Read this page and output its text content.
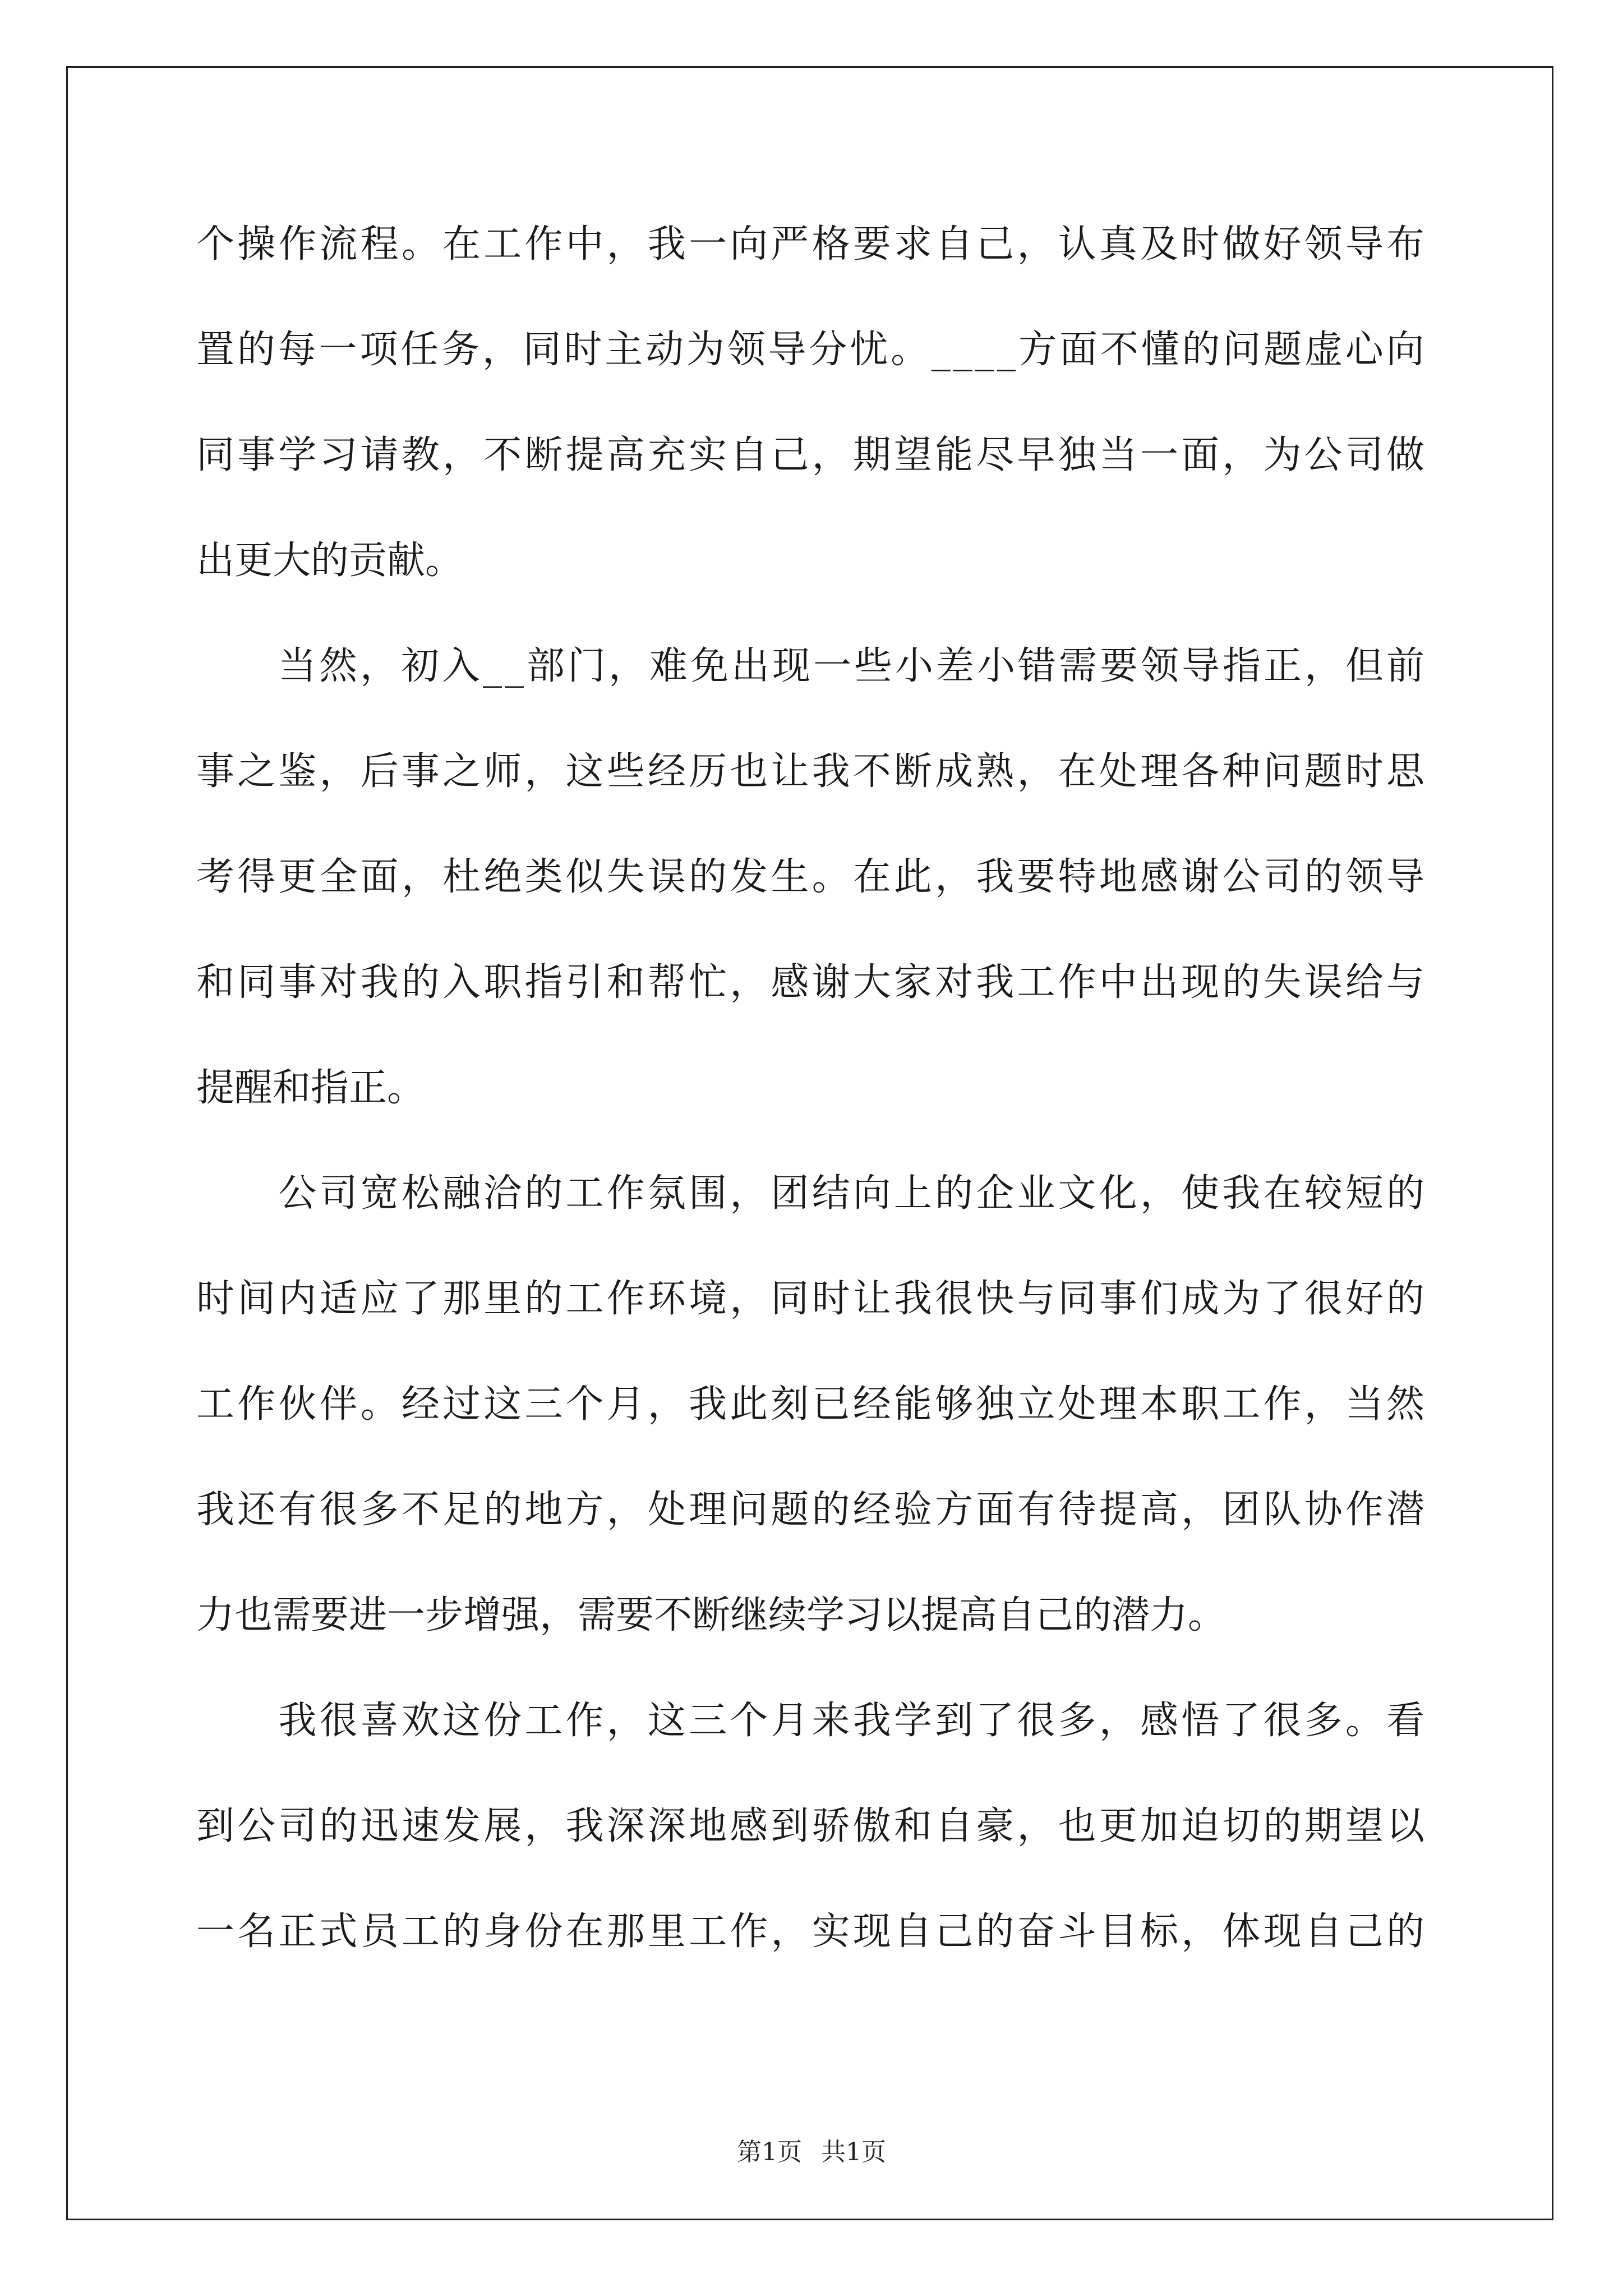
个 操 作 流 程 。 在 工 作 中 ， 我 一 向 严 格 要 求 自 己 ， 认 真 及 时 做 好 领 导 布
置 的 每 一 项 任 务 ， 同 时 主 动 为 领 导 分 忧 。 _ _ _ _ 方 面 不 懂 的 问 题 虚 心 向
同 事 学 习 请 教 ， 不 断 提 高 充 实 自 己 ， 期 望 能 尽 早 独 当 一 面 ， 为 公 司 做
出更大的贡献。

当 然 ， 初 入 _ _ 部 门 ， 难 免 出 现 一 些 小 差 小 错 需 要 领 导 指 正 ， 但 前
事 之 鉴 ， 后 事 之 师 ， 这 些 经 历 也 让 我 不 断 成 熟 ， 在 处 理 各 种 问 题 时 思
考 得 更 全 面 ， 杜 绝 类 似 失 误 的 发 生 。 在 此 ， 我 要 特 地 感 谢 公 司 的 领 导
和 同 事 对 我 的 入 职 指 引 和 帮 忙 ， 感 谢 大 家 对 我 工 作 中 出 现 的 失 误 给 与
提醒和指正。

公 司 宽 松 融 洽 的 工 作 氛 围 ， 团 结 向 上 的 企 业 文 化 ， 使 我 在 较 短 的
时 间 内 适 应 了 那 里 的 工 作 环 境 ， 同 时 让 我 很 快 与 同 事 们 成 为 了 很 好 的
工 作 伙 伴 。 经 过 这 三 个 月 ， 我 此 刻 已 经 能 够 独 立 处 理 本 职 工 作 ， 当 然
我 还 有 很 多 不 足 的 地 方 ， 处 理 问 题 的 经 验 方 面 有 待 提 高 ， 团 队 协 作 潜
力也需要进一步增强，需要不断继续学习以提高自己的潜力。

我 很 喜 欢 这 份 工 作 ， 这 三 个 月 来 我 学 到 了 很 多 ， 感 悟 了 很 多 。 看
到 公 司 的 迅 速 发 展 ， 我 深 深 地 感 到 骄 傲 和 自 豪 ， 也 更 加 迫 切 的 期 望 以
一 名 正 式 员 工 的 身 份 在 那 里 工 作 ， 实 现 自 己 的 奋 斗 目 标 ， 体 现 自 己 的
第1页 共1页
